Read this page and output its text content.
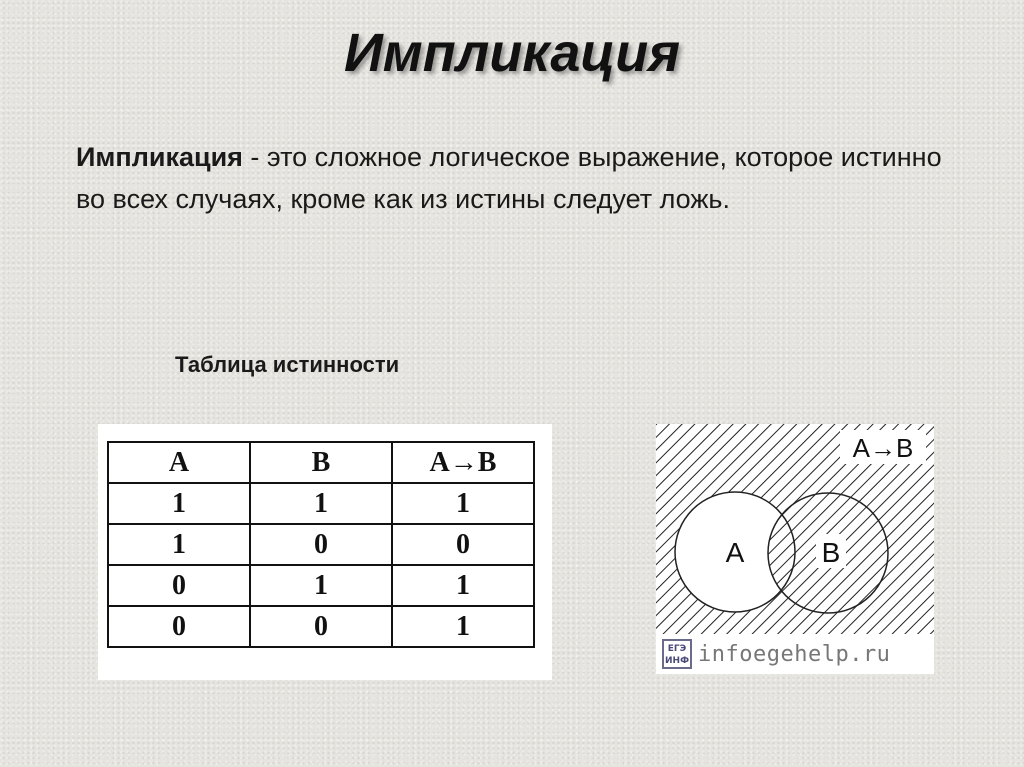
Импликация
Импликация - это сложное логическое выражение, которое истинно во всех случаях, кроме как из истины следует ложь.
Таблица истинности
A	B	A→B
1	1	1
1	0	0
0	1	1
0	0	1
A	B
A→B
ЕГЭ ИНФ infoegehelp.ru
